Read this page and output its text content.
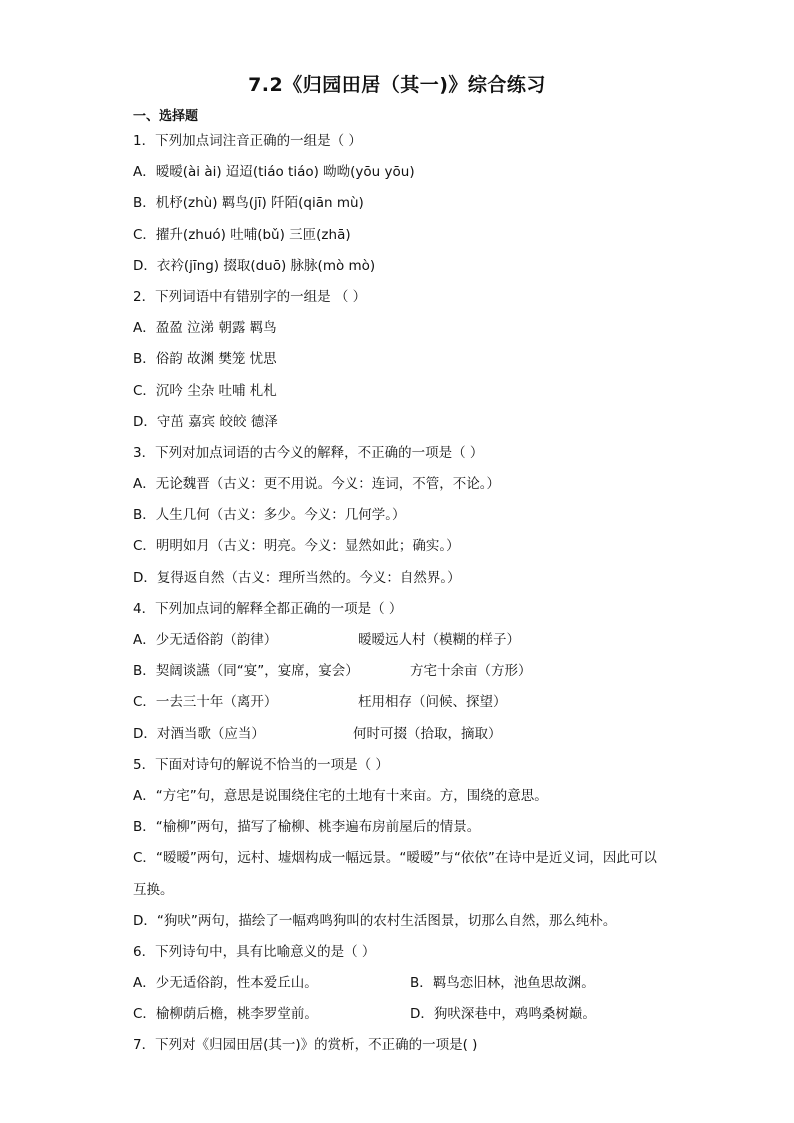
7.2《归园田居（其一)》综合练习
一、选择题
1．下列加点词注音正确的一组是（ ）
A．暧暧(ài ài) 迢迢(tiáo tiáo) 呦呦(yōu yōu)
B．机杼(zhù) 羁鸟(jī) 阡陌(qiān mù)
C．擢升(zhuó) 吐哺(bǔ) 三匝(zhā)
D．衣衿(jīng) 掇取(duō) 脉脉(mò mò)
2．下列词语中有错别字的一组是 （ ）
A．盈盈 泣涕 朝露 羁鸟
B．俗韵 故渊 樊笼 忧思
C．沉吟 尘杂 吐哺 札札
D．守茁 嘉宾 皎皎 德泽
3．下列对加点词语的古今义的解释，不正确的一项是（ ）
A．无论魏晋（古义：更不用说。今义：连词，不管，不论。）
B．人生几何（古义：多少。今义：几何学。）
C．明明如月（古义：明亮。今义：显然如此；确实。）
D．复得返自然（古义：理所当然的。今义：自然界。）
4．下列加点词的解释全都正确的一项是（ ）
A．少无适俗韵（韵律）	暧暧远人村（模糊的样子）
B．契阔谈讌（同“宴”，宴席，宴会）	方宅十余亩（方形）
C．一去三十年（离开）	枉用相存（问候、探望）
D．对酒当歌（应当）	何时可掇（拾取，摘取）
5．下面对诗句的解说不恰当的一项是（ ）
A．“方宅”句，意思是说围绕住宅的土地有十来亩。方，围绕的意思。
B．“榆柳”两句，描写了榆柳、桃李遍布房前屋后的情景。
C．“暧暧”两句，远村、墟烟构成一幅远景。“暧暧”与“依依”在诗中是近义词，因此可以互换。
D．“狗吠”两句，描绘了一幅鸡鸣狗叫的农村生活图景，切那么自然，那么纯朴。
6．下列诗句中，具有比喻意义的是（ ）
A．少无适俗韵，性本爱丘山。	B．羁鸟恋旧林，池鱼思故渊。
C．榆柳荫后檐，桃李罗堂前。	D．狗吠深巷中，鸡鸣桑树巅。
7．下列对《归园田居(其一)》的赏析，不正确的一项是( )
